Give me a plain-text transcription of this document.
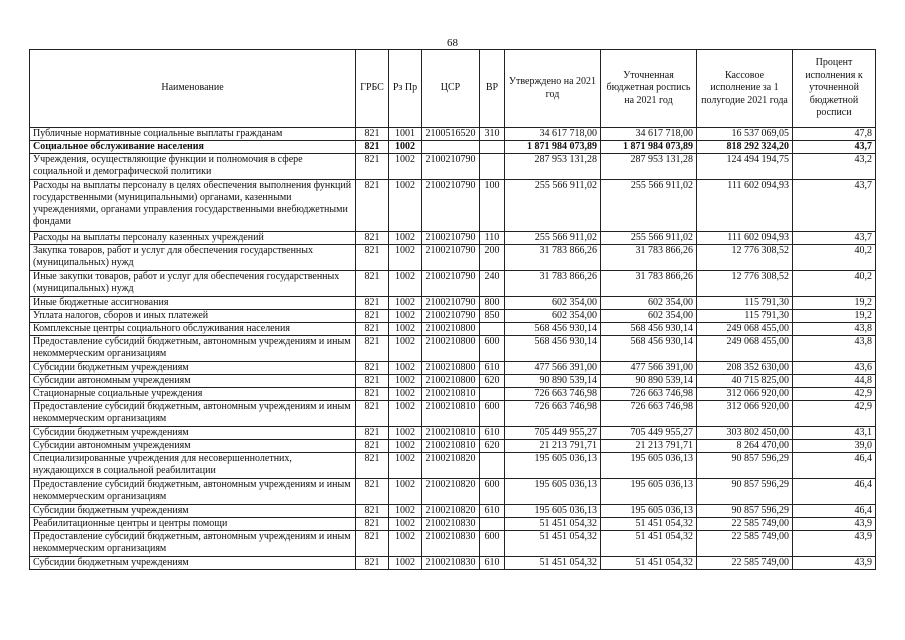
68
Наименование	ГРБС	Рз Пр	ЦСР	ВР	Утверждено на 2021 год	Уточненная бюджетная роспись на 2021 год	Кассовое исполнение за 1 полугодие 2021 года	Процент исполнения к уточненной бюджетной росписи
Публичные нормативные социальные выплаты гражданам	821	1001	2100516520	310	34 617 718,00	34 617 718,00	16 537 069,05	47,8
Социальное обслуживание населения	821	1002			1 871 984 073,89	1 871 984 073,89	818 292 324,20	43,7
Учреждения, осуществляющие функции и полномочия в сфере социальной и демографической политики	821	1002	2100210790		287 953 131,28	287 953 131,28	124 494 194,75	43,2
Расходы на выплаты персоналу в целях обеспечения выполнения функций государственными (муниципальными) органами, казенными учреждениями, органами управления государственными внебюджетными фондами	821	1002	2100210790	100	255 566 911,02	255 566 911,02	111 602 094,93	43,7
Расходы на выплаты персоналу казенных учреждений	821	1002	2100210790	110	255 566 911,02	255 566 911,02	111 602 094,93	43,7
Закупка товаров, работ и услуг для обеспечения государственных (муниципальных) нужд	821	1002	2100210790	200	31 783 866,26	31 783 866,26	12 776 308,52	40,2
Иные закупки товаров, работ и услуг для обеспечения государственных (муниципальных) нужд	821	1002	2100210790	240	31 783 866,26	31 783 866,26	12 776 308,52	40,2
Иные бюджетные ассигнования	821	1002	2100210790	800	602 354,00	602 354,00	115 791,30	19,2
Уплата налогов, сборов и иных платежей	821	1002	2100210790	850	602 354,00	602 354,00	115 791,30	19,2
Комплексные центры социального обслуживания населения	821	1002	2100210800		568 456 930,14	568 456 930,14	249 068 455,00	43,8
Предоставление субсидий бюджетным, автономным учреждениям и иным некоммерческим организациям	821	1002	2100210800	600	568 456 930,14	568 456 930,14	249 068 455,00	43,8
Субсидии бюджетным учреждениям	821	1002	2100210800	610	477 566 391,00	477 566 391,00	208 352 630,00	43,6
Субсидии автономным учреждениям	821	1002	2100210800	620	90 890 539,14	90 890 539,14	40 715 825,00	44,8
Стационарные социальные учреждения	821	1002	2100210810		726 663 746,98	726 663 746,98	312 066 920,00	42,9
Предоставление субсидий бюджетным, автономным учреждениям и иным некоммерческим организациям	821	1002	2100210810	600	726 663 746,98	726 663 746,98	312 066 920,00	42,9
Субсидии бюджетным учреждениям	821	1002	2100210810	610	705 449 955,27	705 449 955,27	303 802 450,00	43,1
Субсидии автономным учреждениям	821	1002	2100210810	620	21 213 791,71	21 213 791,71	8 264 470,00	39,0
Специализированные учреждения для несовершеннолетних, нуждающихся в социальной реабилитации	821	1002	2100210820		195 605 036,13	195 605 036,13	90 857 596,29	46,4
Предоставление субсидий бюджетным, автономным учреждениям и иным некоммерческим организациям	821	1002	2100210820	600	195 605 036,13	195 605 036,13	90 857 596,29	46,4
Субсидии бюджетным учреждениям	821	1002	2100210820	610	195 605 036,13	195 605 036,13	90 857 596,29	46,4
Реабилитационные центры и центры помощи	821	1002	2100210830		51 451 054,32	51 451 054,32	22 585 749,00	43,9
Предоставление субсидий бюджетным, автономным учреждениям и иным некоммерческим организациям	821	1002	2100210830	600	51 451 054,32	51 451 054,32	22 585 749,00	43,9
Субсидии бюджетным учреждениям	821	1002	2100210830	610	51 451 054,32	51 451 054,32	22 585 749,00	43,9
